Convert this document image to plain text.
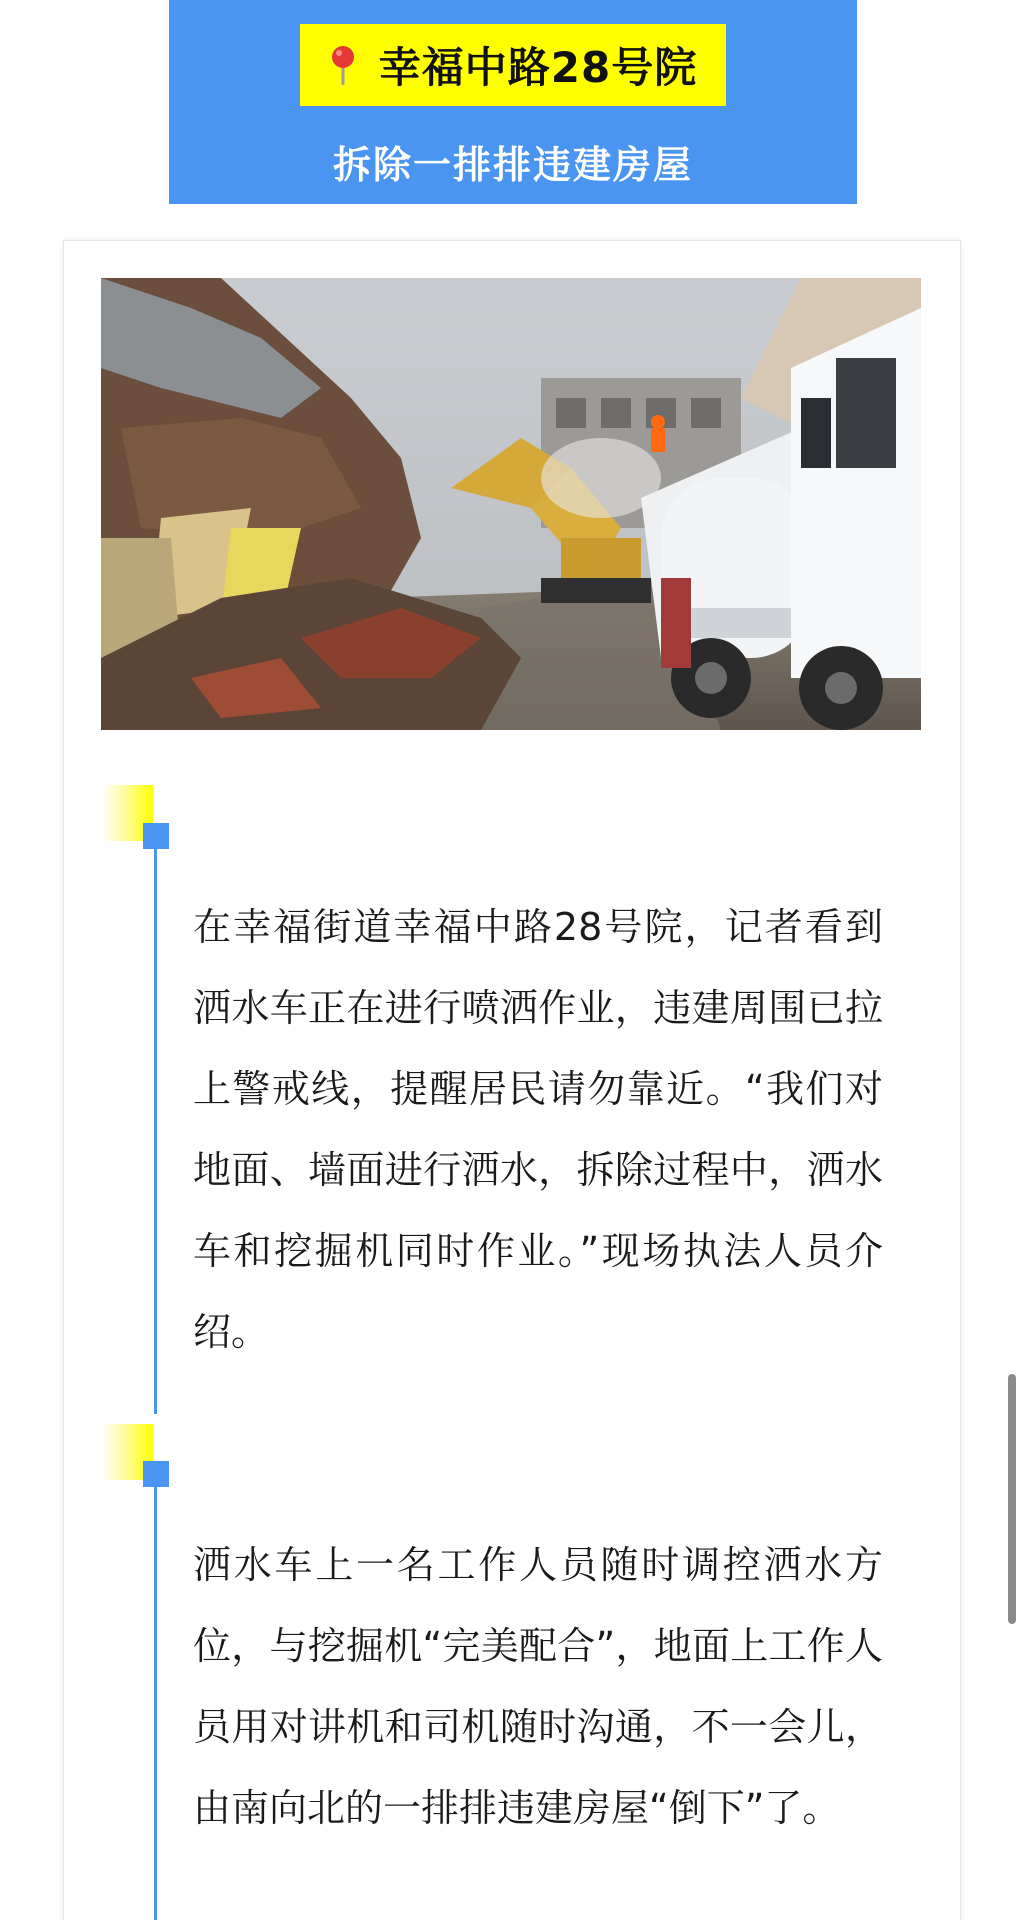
幸福中路28号院
拆除一排排违建房屋

在幸福街道幸福中路28号院，记者看到洒水车正在进行喷洒作业，违建周围已拉上警戒线，提醒居民请勿靠近。“我们对地面、墙面进行洒水，拆除过程中，洒水车和挖掘机同时作业。”现场执法人员介绍。

洒水车上一名工作人员随时调控洒水方位，与挖掘机“完美配合”，地面上工作人员用对讲机和司机随时沟通，不一会儿，由南向北的一排排违建房屋“倒下”了。
